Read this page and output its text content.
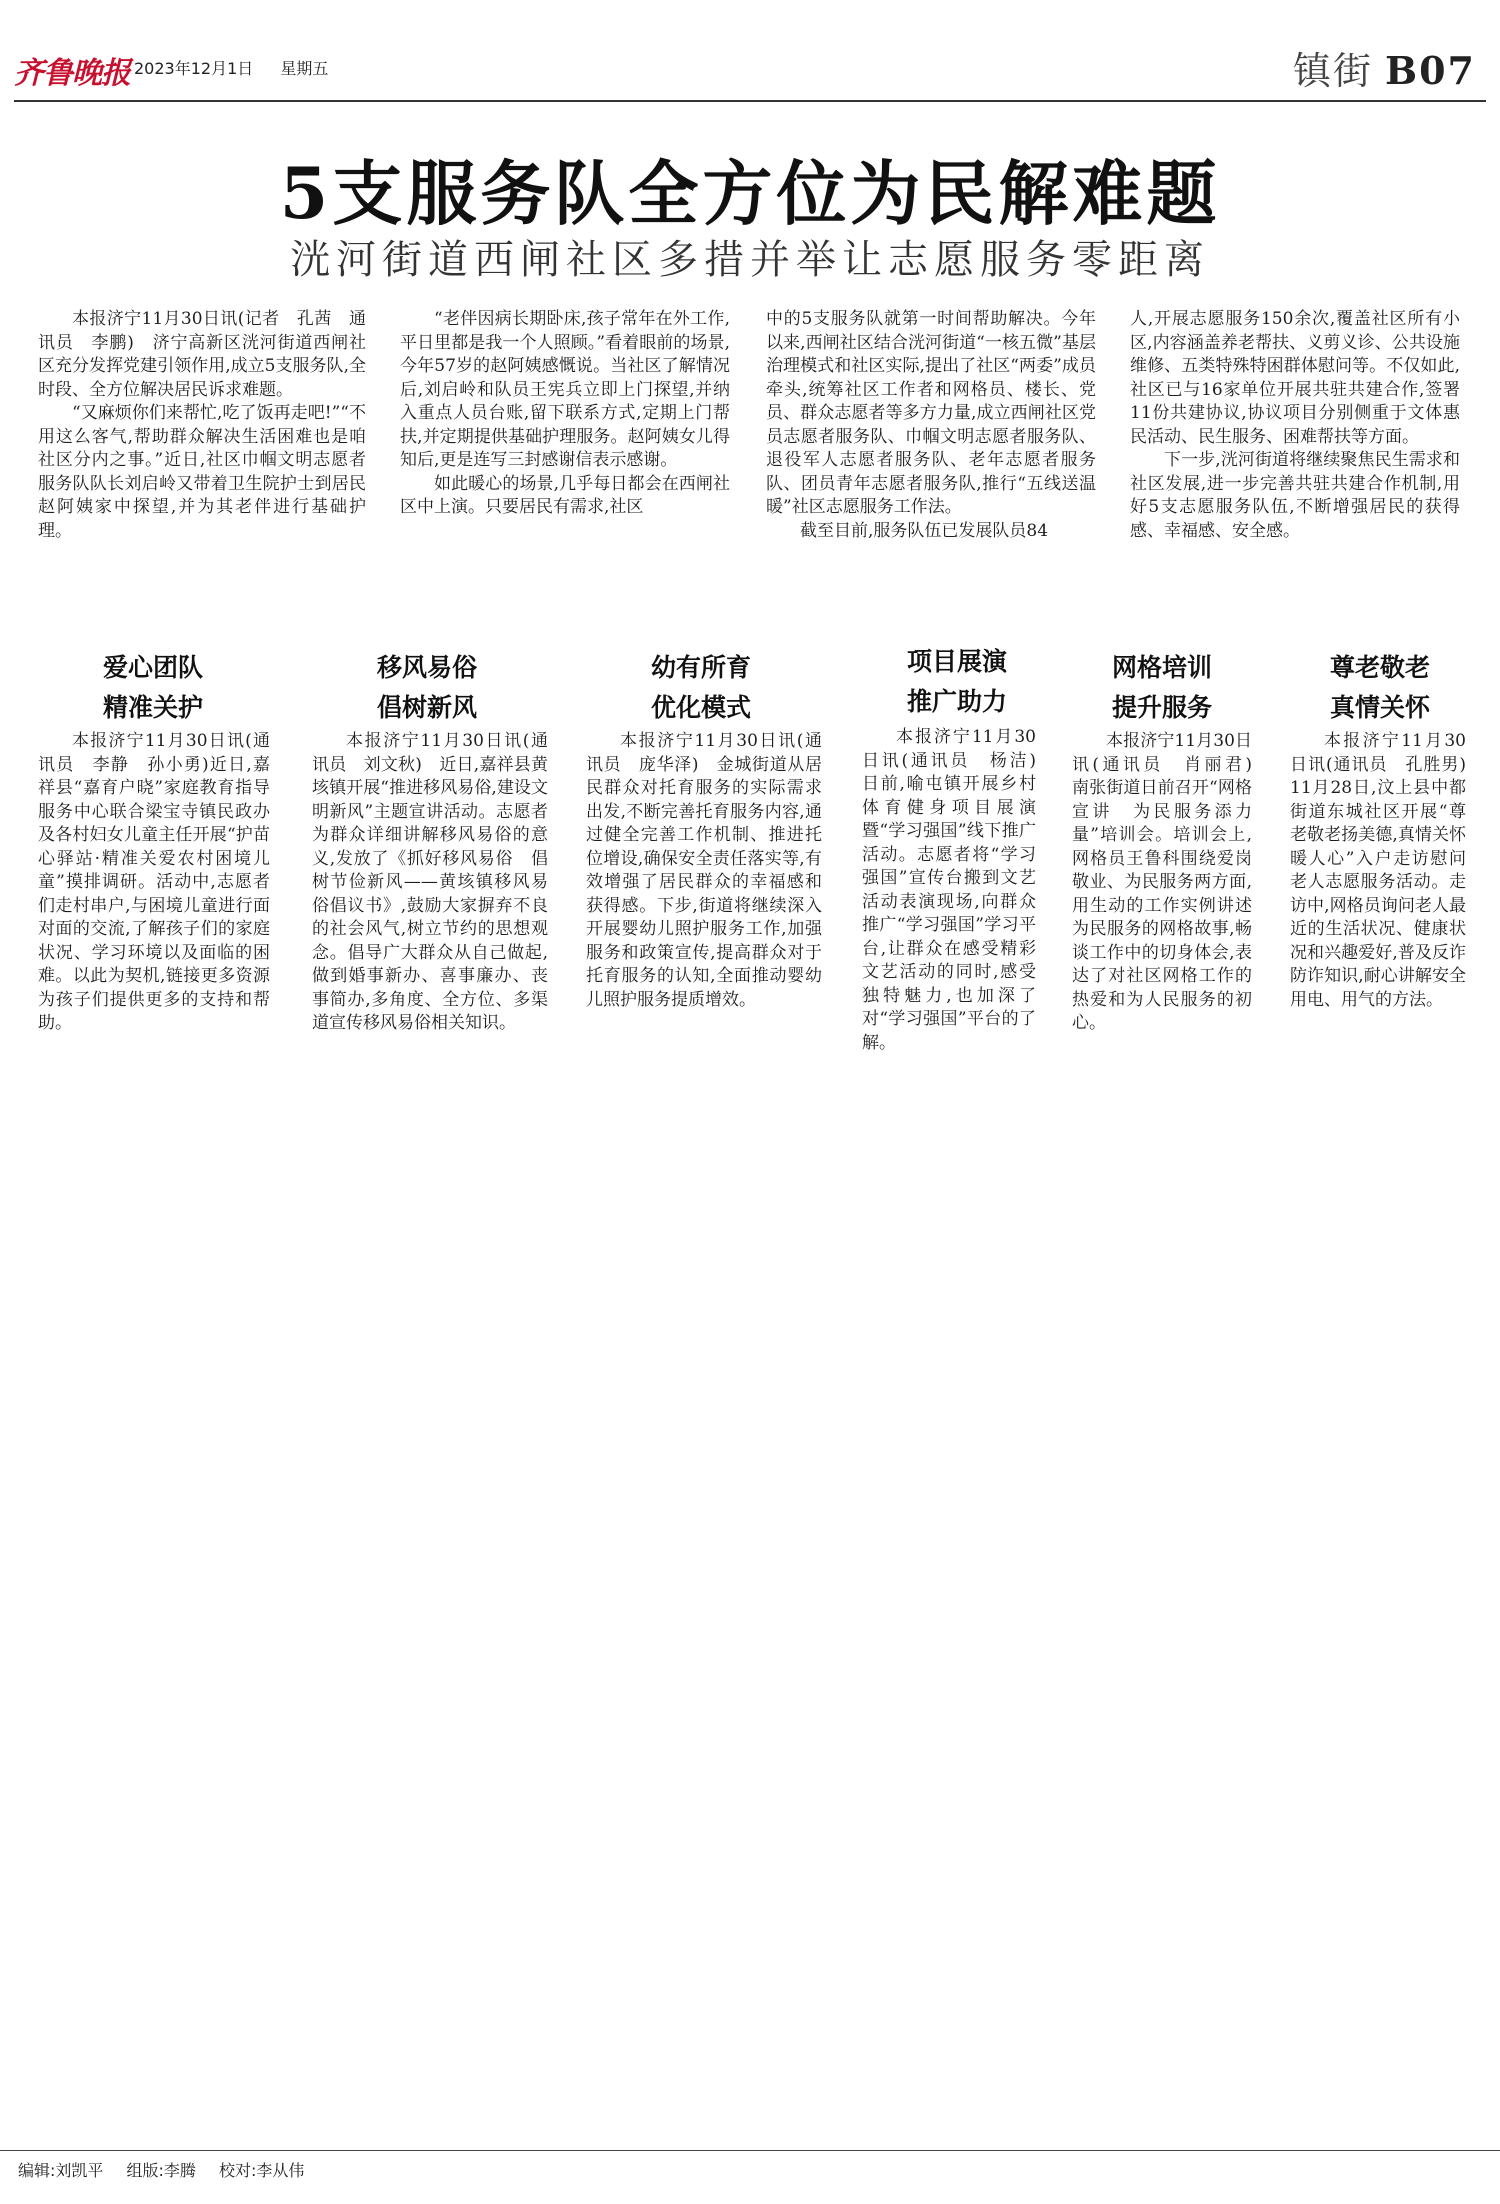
齐鲁晚报 2023年12月1日 星期五	镇街 B07
5支服务队全方位为民解难题
洸河街道西闸社区多措并举让志愿服务零距离

本报济宁11月30日讯(记者　孔茜　通讯员　李鹏)　济宁高新区洸河街道西闸社区充分发挥党建引领作用,成立5支服务队,全时段、全方位解决居民诉求难题。

“又麻烦你们来帮忙,吃了饭再走吧!”“不用这么客气,帮助群众解决生活困难也是咱社区分内之事。”近日,社区巾帼文明志愿者服务队队长刘启岭又带着卫生院护士到居民赵阿姨家中探望,并为其老伴进行基础护理。

“老伴因病长期卧床,孩子常年在外工作,平日里都是我一个人照顾。”看着眼前的场景,今年57岁的赵阿姨感慨说。当社区了解情况后,刘启岭和队员王宪兵立即上门探望,并纳入重点人员台账,留下联系方式,定期上门帮扶,并定期提供基础护理服务。赵阿姨女儿得知后,更是连写三封感谢信表示感谢。

如此暖心的场景,几乎每日都会在西闸社区中上演。只要居民有需求,社区

中的5支服务队就第一时间帮助解决。今年以来,西闸社区结合洸河街道“一核五微”基层治理模式和社区实际,提出了社区“两委”成员牵头,统筹社区工作者和网格员、楼长、党员、群众志愿者等多方力量,成立西闸社区党员志愿者服务队、巾帼文明志愿者服务队、退役军人志愿者服务队、老年志愿者服务队、团员青年志愿者服务队,推行“五线送温暖”社区志愿服务工作法。

截至目前,服务队伍已发展队员84

人,开展志愿服务150余次,覆盖社区所有小区,内容涵盖养老帮扶、义剪义诊、公共设施维修、五类特殊特困群体慰问等。不仅如此,社区已与16家单位开展共驻共建合作,签署11份共建协议,协议项目分别侧重于文体惠民活动、民生服务、困难帮扶等方面。

下一步,洸河街道将继续聚焦民生需求和社区发展,进一步完善共驻共建合作机制,用好5支志愿服务队伍,不断增强居民的获得感、幸福感、安全感。

爱心团队
精准关护

本报济宁11月30日讯(通讯员　李静　孙小勇)近日,嘉祥县“嘉育户晓”家庭教育指导服务中心联合梁宝寺镇民政办及各村妇女儿童主任开展“护苗心驿站·精准关爱农村困境儿童”摸排调研。活动中,志愿者们走村串户,与困境儿童进行面对面的交流,了解孩子们的家庭状况、学习环境以及面临的困难。以此为契机,链接更多资源为孩子们提供更多的支持和帮助。

移风易俗
倡树新风

本报济宁11月30日讯(通讯员　刘文秋)　近日,嘉祥县黄垓镇开展“推进移风易俗,建设文明新风”主题宣讲活动。志愿者为群众详细讲解移风易俗的意义,发放了《抓好移风易俗　倡树节俭新风——黄垓镇移风易俗倡议书》,鼓励大家摒弃不良的社会风气,树立节约的思想观念。倡导广大群众从自己做起,做到婚事新办、喜事廉办、丧事简办,多角度、全方位、多渠道宣传移风易俗相关知识。

幼有所育
优化模式

本报济宁11月30日讯(通讯员　庞华泽)　金城街道从居民群众对托育服务的实际需求出发,不断完善托育服务内容,通过健全完善工作机制、推进托位增设,确保安全责任落实等,有效增强了居民群众的幸福感和获得感。下步,街道将继续深入开展婴幼儿照护服务工作,加强服务和政策宣传,提高群众对于托育服务的认知,全面推动婴幼儿照护服务提质增效。

项目展演
推广助力

本报济宁11月30日讯(通讯员　杨洁)　日前,喻屯镇开展乡村体育健身项目展演暨“学习强国”线下推广活动。志愿者将“学习强国”宣传台搬到文艺活动表演现场,向群众推广“学习强国”学习平台,让群众在感受精彩文艺活动的同时,感受独特魅力,也加深了对“学习强国”平台的了解。

网格培训
提升服务

本报济宁11月30日讯(通讯员　肖丽君)　南张街道日前召开“网格宣讲　为民服务添力量”培训会。培训会上,网格员王鲁科围绕爱岗敬业、为民服务两方面,用生动的工作实例讲述为民服务的网格故事,畅谈工作中的切身体会,表达了对社区网格工作的热爱和为人民服务的初心。

尊老敬老
真情关怀

本报济宁11月30日讯(通讯员　孔胜男)　11月28日,汶上县中都街道东城社区开展“尊老敬老扬美德,真情关怀暖人心”入户走访慰问老人志愿服务活动。走访中,网格员询问老人最近的生活状况、健康状况和兴趣爱好,普及反诈防诈知识,耐心讲解安全用电、用气的方法。

编辑:刘凯平 组版:李腾 校对:李从伟
